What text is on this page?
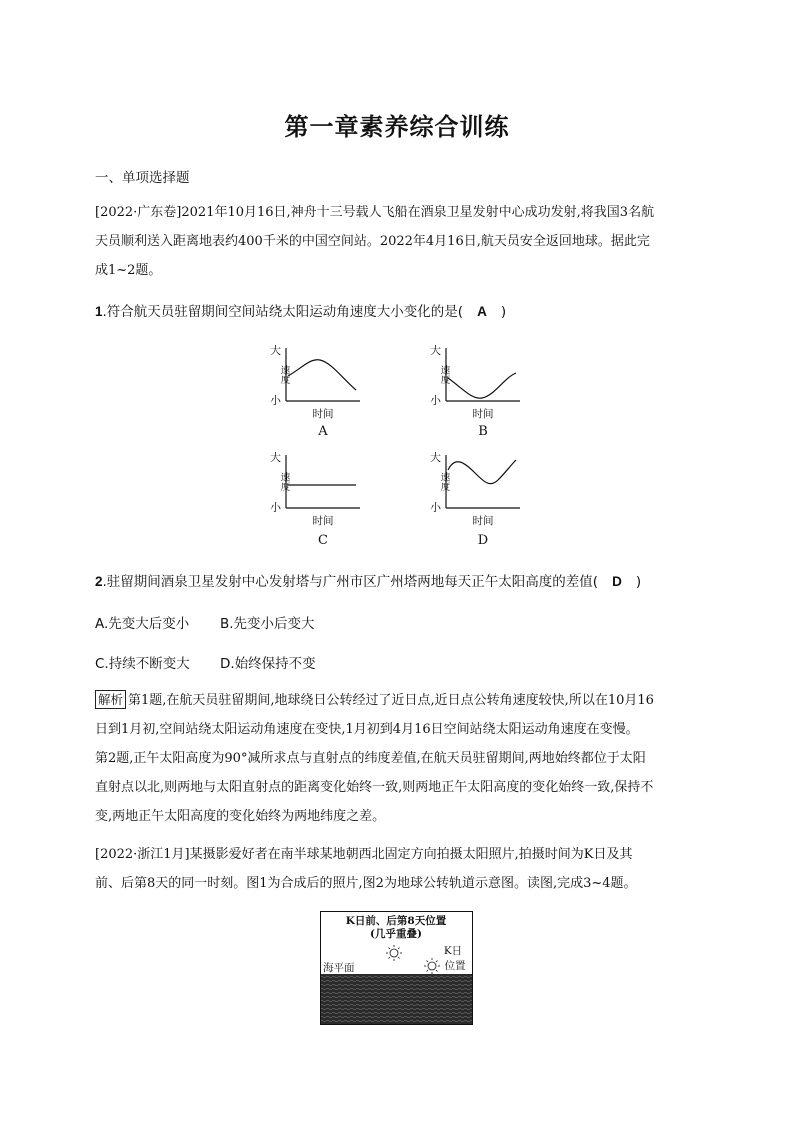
第一章素养综合训练
一、单项选择题
[2022·广东卷]2021年10月16日,神舟十三号载人飞船在酒泉卫星发射中心成功发射,将我国3名航
天员顺利送入距离地表约400千米的中国空间站。2022年4月16日,航天员安全返回地球。据此完
成1~2题。
1.符合航天员驻留期间空间站绕太阳运动角速度大小变化的是( A )
大
小
大
小
大
小
大
小
速度	速度
速度	速度
时间	时间
时间	时间
A	B
C	D
2.驻留期间酒泉卫星发射中心发射塔与广州市区广州塔两地每天正午太阳高度的差值( D )
A.先变大后变小 B.先变小后变大
C.持续不断变大 D.始终保持不变
解析 第1题,在航天员驻留期间,地球绕日公转经过了近日点,近日点公转角速度较快,所以在10月16
日到1月初,空间站绕太阳运动角速度在变快,1月初到4月16日空间站绕太阳运动角速度在变慢。
第2题,正午太阳高度为90°减所求点与直射点的纬度差值,在航天员驻留期间,两地始终都位于太阳
直射点以北,则两地与太阳直射点的距离变化始终一致,则两地正午太阳高度的变化始终一致,保持不
变,两地正午太阳高度的变化始终为两地纬度之差。
[2022·浙江1月]某摄影爱好者在南半球某地朝西北固定方向拍摄太阳照片,拍摄时间为K日及其
前、后第8天的同一时刻。图1为合成后的照片,图2为地球公转轨道示意图。读图,完成3~4题。
K日前、后第8天位置
(几乎重叠)
K日
位置
海平面
